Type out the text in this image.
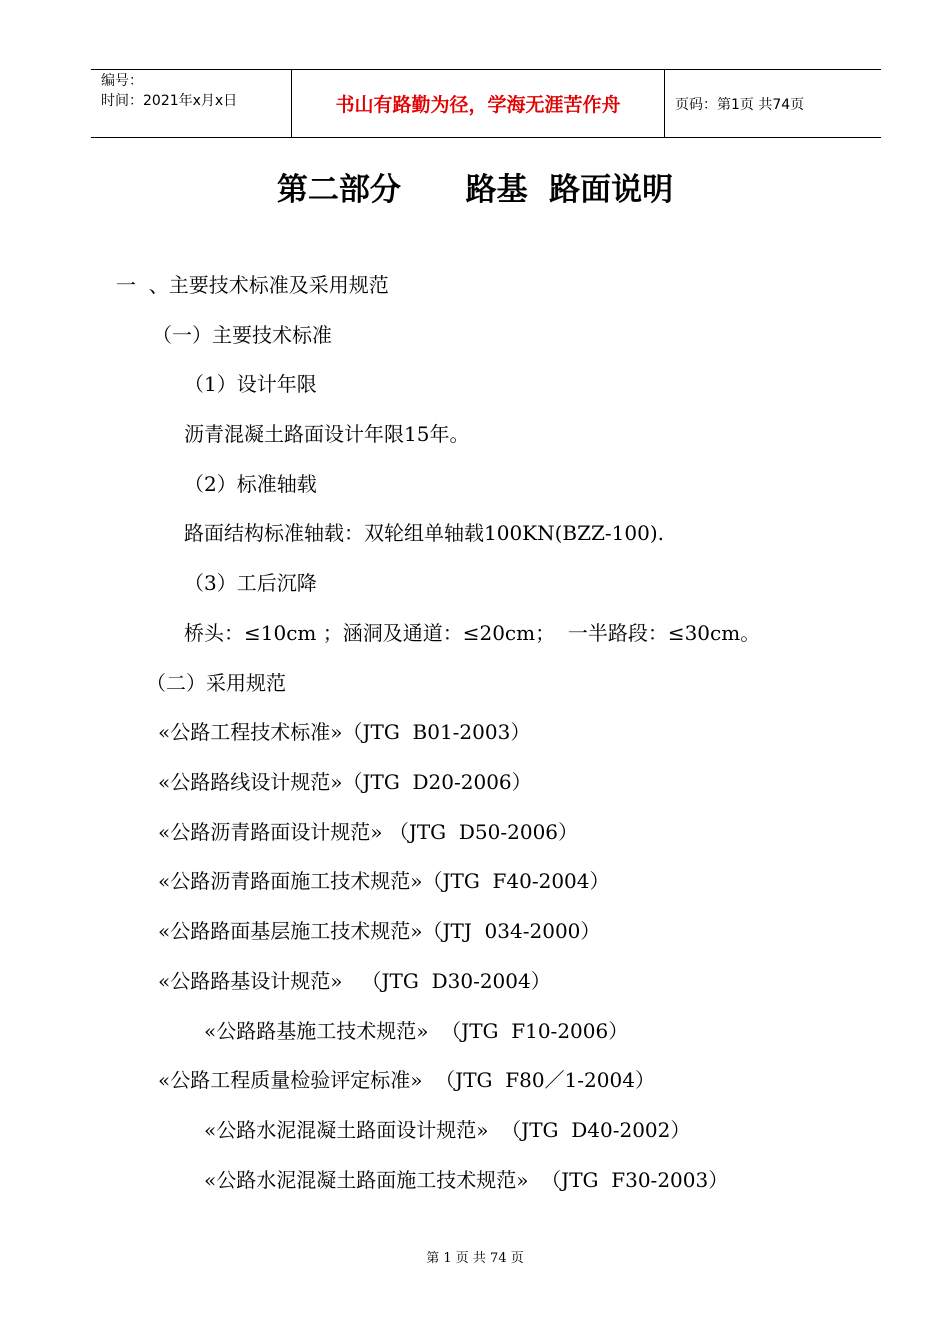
编号：
时间：2021年x月x日	书山有路勤为径，学海无涯苦作舟	页码：第1页 共74页
第二部分      路基  路面说明
一  、主要技术标准及采用规范
（一）主要技术标准
（1）设计年限
沥青混凝土路面设计年限15年。
（2）标准轴载
路面结构标准轴载：双轮组单轴载100KN(BZZ-100).
（3）工后沉降
桥头：≤10cm ；涵洞及通道：≤20cm；  一半路段：≤30cm。
（二）采用规范
«公路工程技术标准»（JTG  B01-2003）
«公路路线设计规范»（JTG  D20-2006）
«公路沥青路面设计规范» （JTG  D50-2006）
«公路沥青路面施工技术规范»（JTG  F40-2004）
«公路路面基层施工技术规范»（JTJ  034-2000）
«公路路基设计规范»   （JTG  D30-2004）
«公路路基施工技术规范»  （JTG  F10-2006）
«公路工程质量检验评定标准»  （JTG  F80／1-2004）
«公路水泥混凝土路面设计规范»  （JTG  D40-2002）
«公路水泥混凝土路面施工技术规范»  （JTG  F30-2003）
第 1 页 共 74 页
